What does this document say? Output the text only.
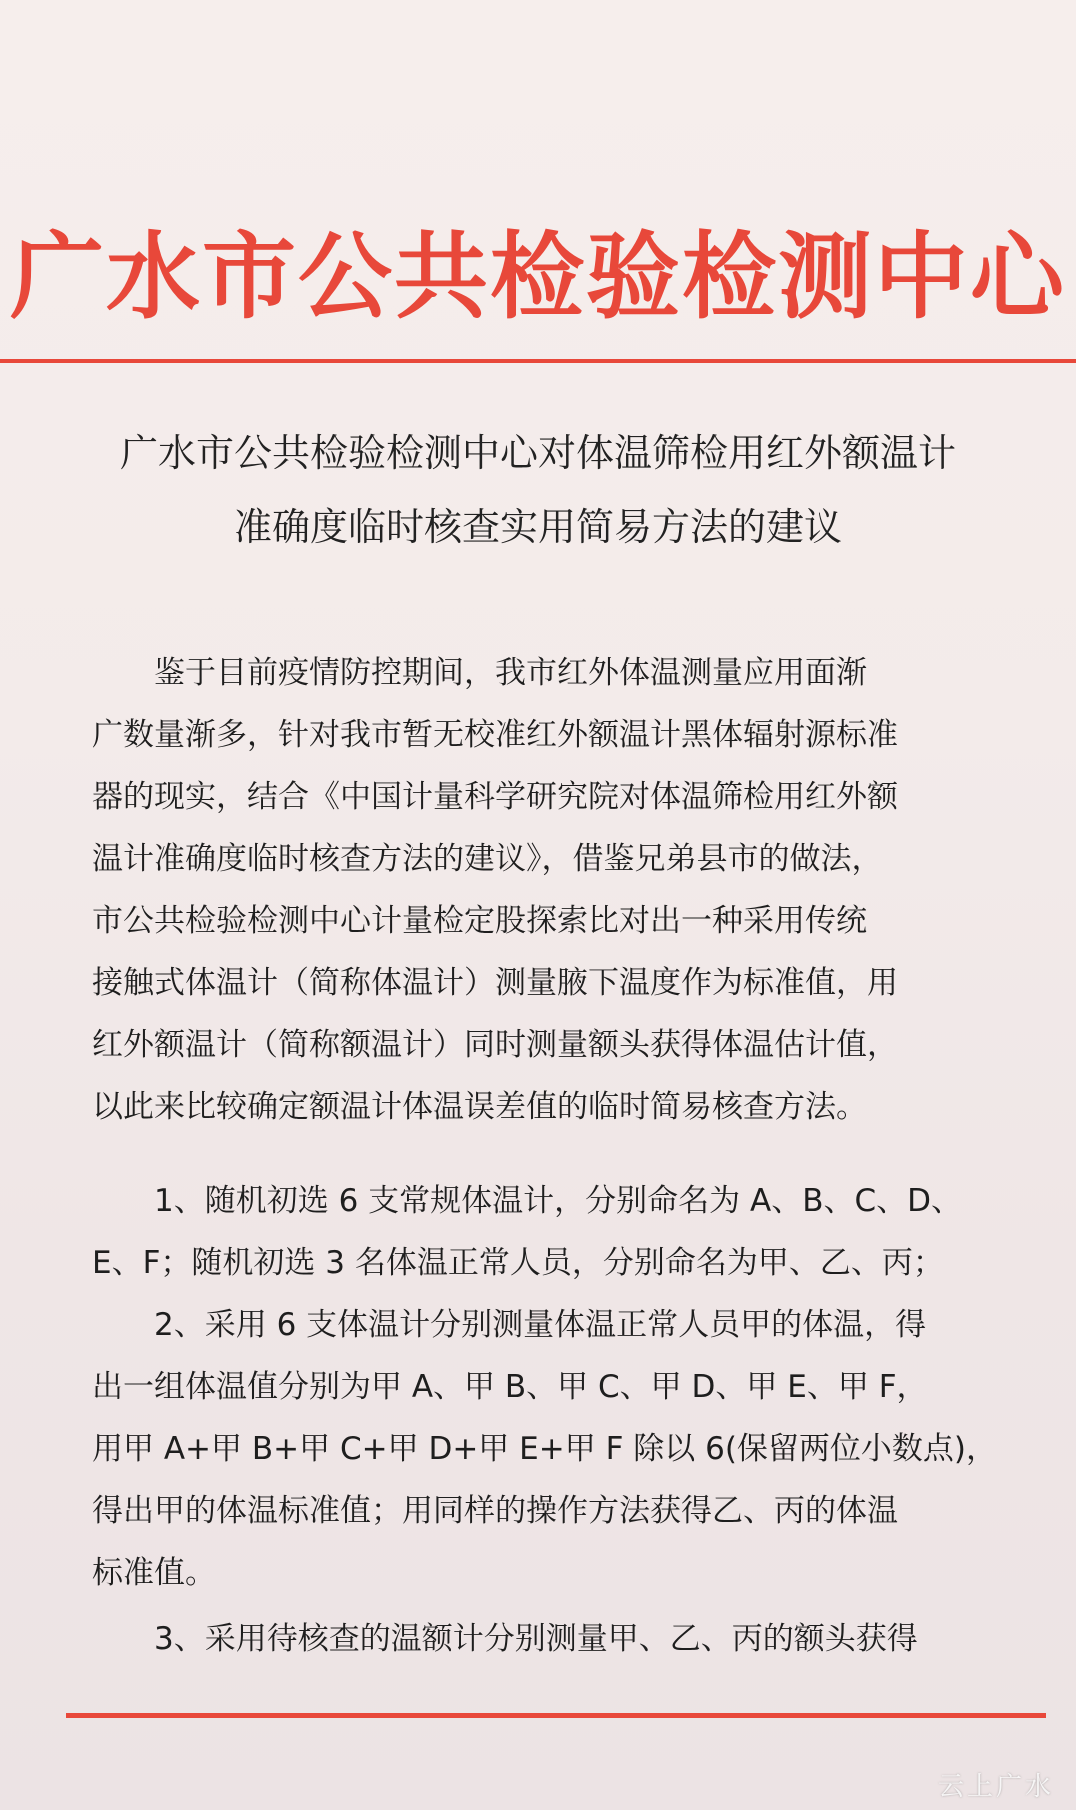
广水市公共检验检测中心
广水市公共检验检测中心对体温筛检用红外额温计
准确度临时核查实用简易方法的建议
　　鉴于目前疫情防控期间，我市红外体温测量应用面渐
广数量渐多，针对我市暂无校准红外额温计黑体辐射源标准
器的现实，结合《中国计量科学研究院对体温筛检用红外额
温计准确度临时核查方法的建议》，借鉴兄弟县市的做法，
市公共检验检测中心计量检定股探索比对出一种采用传统
接触式体温计（简称体温计）测量腋下温度作为标准值，用
红外额温计（简称额温计）同时测量额头获得体温估计值，
以此来比较确定额温计体温误差值的临时简易核查方法。
　　1、随机初选 6 支常规体温计，分别命名为 A、B、C、D、
E、F；随机初选 3 名体温正常人员，分别命名为甲、乙、丙；
　　2、采用 6 支体温计分别测量体温正常人员甲的体温，得
出一组体温值分别为甲 A、甲 B、甲 C、甲 D、甲 E、甲 F，
用甲 A+甲 B+甲 C+甲 D+甲 E+甲 F 除以 6(保留两位小数点)，
得出甲的体温标准值；用同样的操作方法获得乙、丙的体温
标准值。
　　3、采用待核查的温额计分别测量甲、乙、丙的额头获得
云上广水
